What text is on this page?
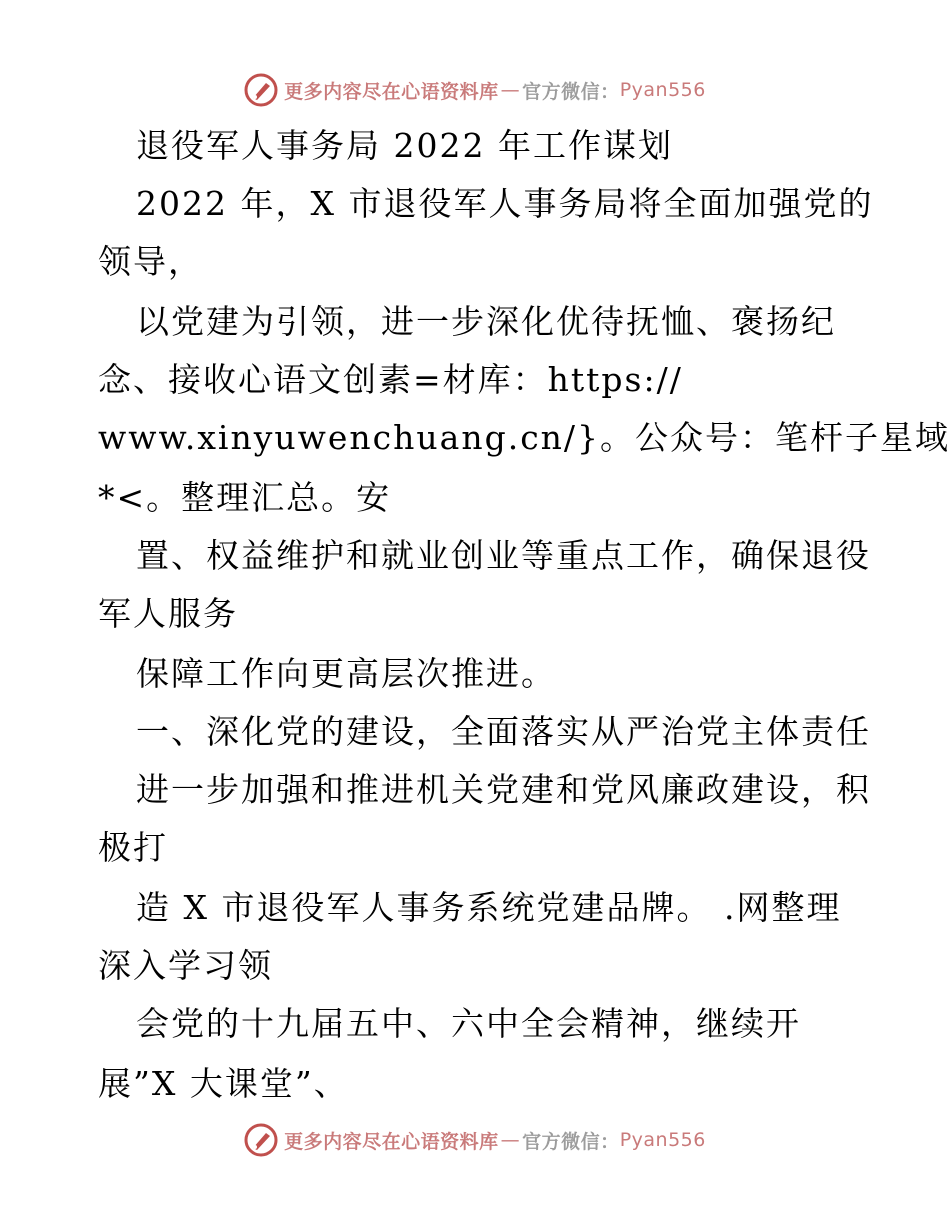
更多内容尽在心语资料库 — 官方微信： Pyan556
退役军人事务局 2022 年工作谋划
2022 年，X 市退役军人事务局将全面加强党的
领导，
以党建为引领，进一步深化优待抚恤、褒扬纪
念、接收心语文创素=材库：https://
www.xinyuwenchuang.cn/}。公众号：笔杆子星域
*<。整理汇总。安
置、权益维护和就业创业等重点工作，确保退役
军人服务
保障工作向更高层次推进。
一、深化党的建设，全面落实从严治党主体责任
进一步加强和推进机关党建和党风廉政建设，积
极打
造 X 市退役军人事务系统党建品牌。 .网整理
深入学习领
会党的十九届五中、六中全会精神，继续开
展”X 大课堂”、
更多内容尽在心语资料库 — 官方微信： Pyan556
